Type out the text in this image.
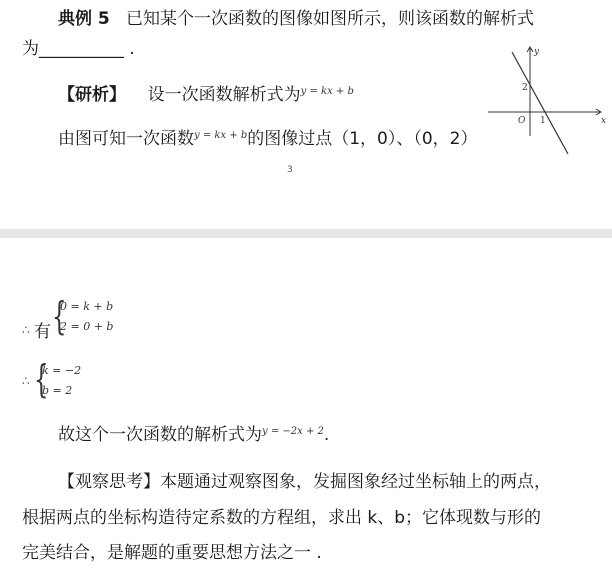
典例 5 已知某个一次函数的图像如图所示，则该函数的解析式
为__________ .
【研析】 设一次函数解析式为$^{y = kx + b}$
由图可知一次函数$^{y = kx + b}$的图像过点（1，0）、（0，2）
3
y
x
O 1
2
∴ 有 {
0 = k + b
2 = 0 + b
∴ {
k = −2
b = 2
故这个一次函数的解析式为$^{y = -2x + 2}$.
【观察思考】本题通过观察图象，发掘图象经过坐标轴上的两点，
根据两点的坐标构造待定系数的方程组，求出 k、b；它体现数与形的
完美结合，是解题的重要思想方法之一 .
